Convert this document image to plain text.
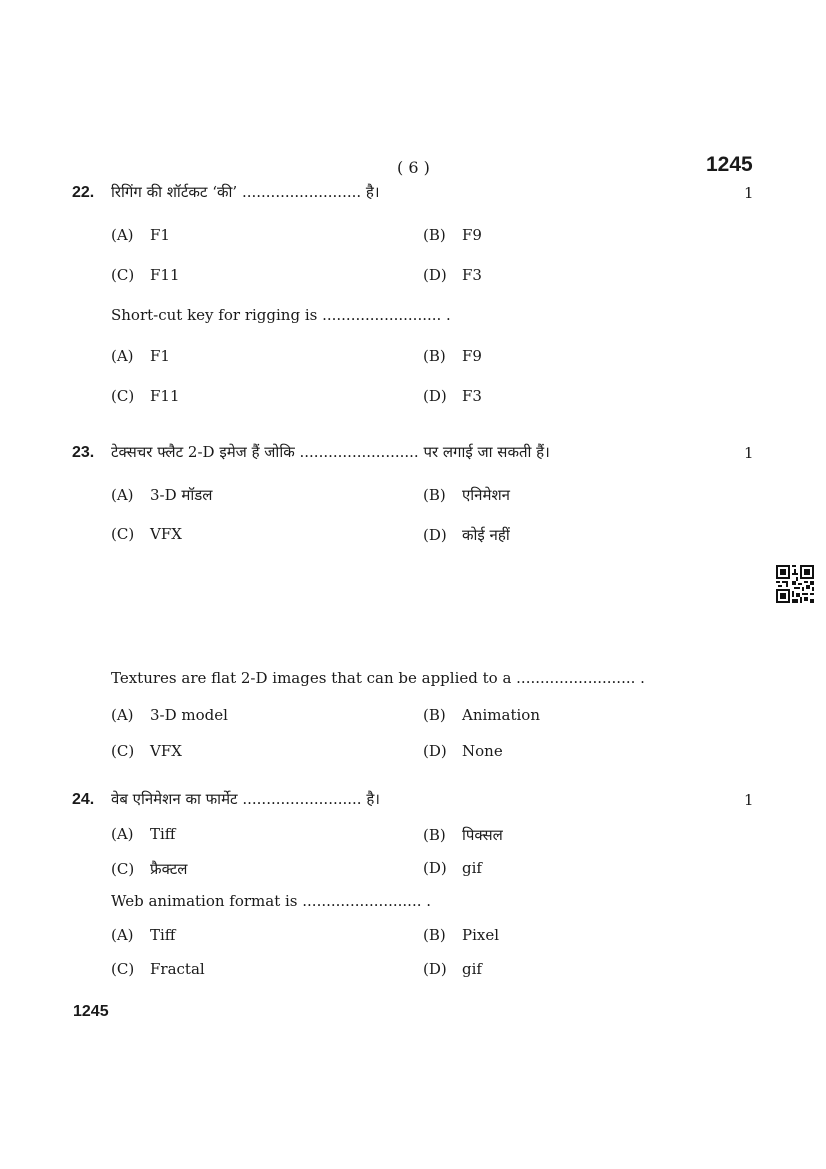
( 6 )	1245
22. रिगिंग की शॉर्टकट ‘की’ ......................... है।	1
(A) F1	(B) F9
(C) F11	(D) F3
Short-cut key for rigging is ......................... .
(A) F1	(B) F9
(C) F11	(D) F3
23. टेक्सचर फ्लैट 2-D इमेज हैं जोकि ......................... पर लगाई जा सकती हैं।	1
(A) 3-D मॉडल	(B) एनिमेशन
(C) VFX	(D) कोई नहीं
Textures are flat 2-D images that can be applied to a ......................... .
(A) 3-D model	(B) Animation
(C) VFX	(D) None
24. वेब एनिमेशन का फार्मेट ......................... है।	1
(A) Tiff	(B) पिक्सल
(C) फ्रैक्टल	(D) gif
Web animation format is ......................... .
(A) Tiff	(B) Pixel
(C) Fractal	(D) gif
1245
